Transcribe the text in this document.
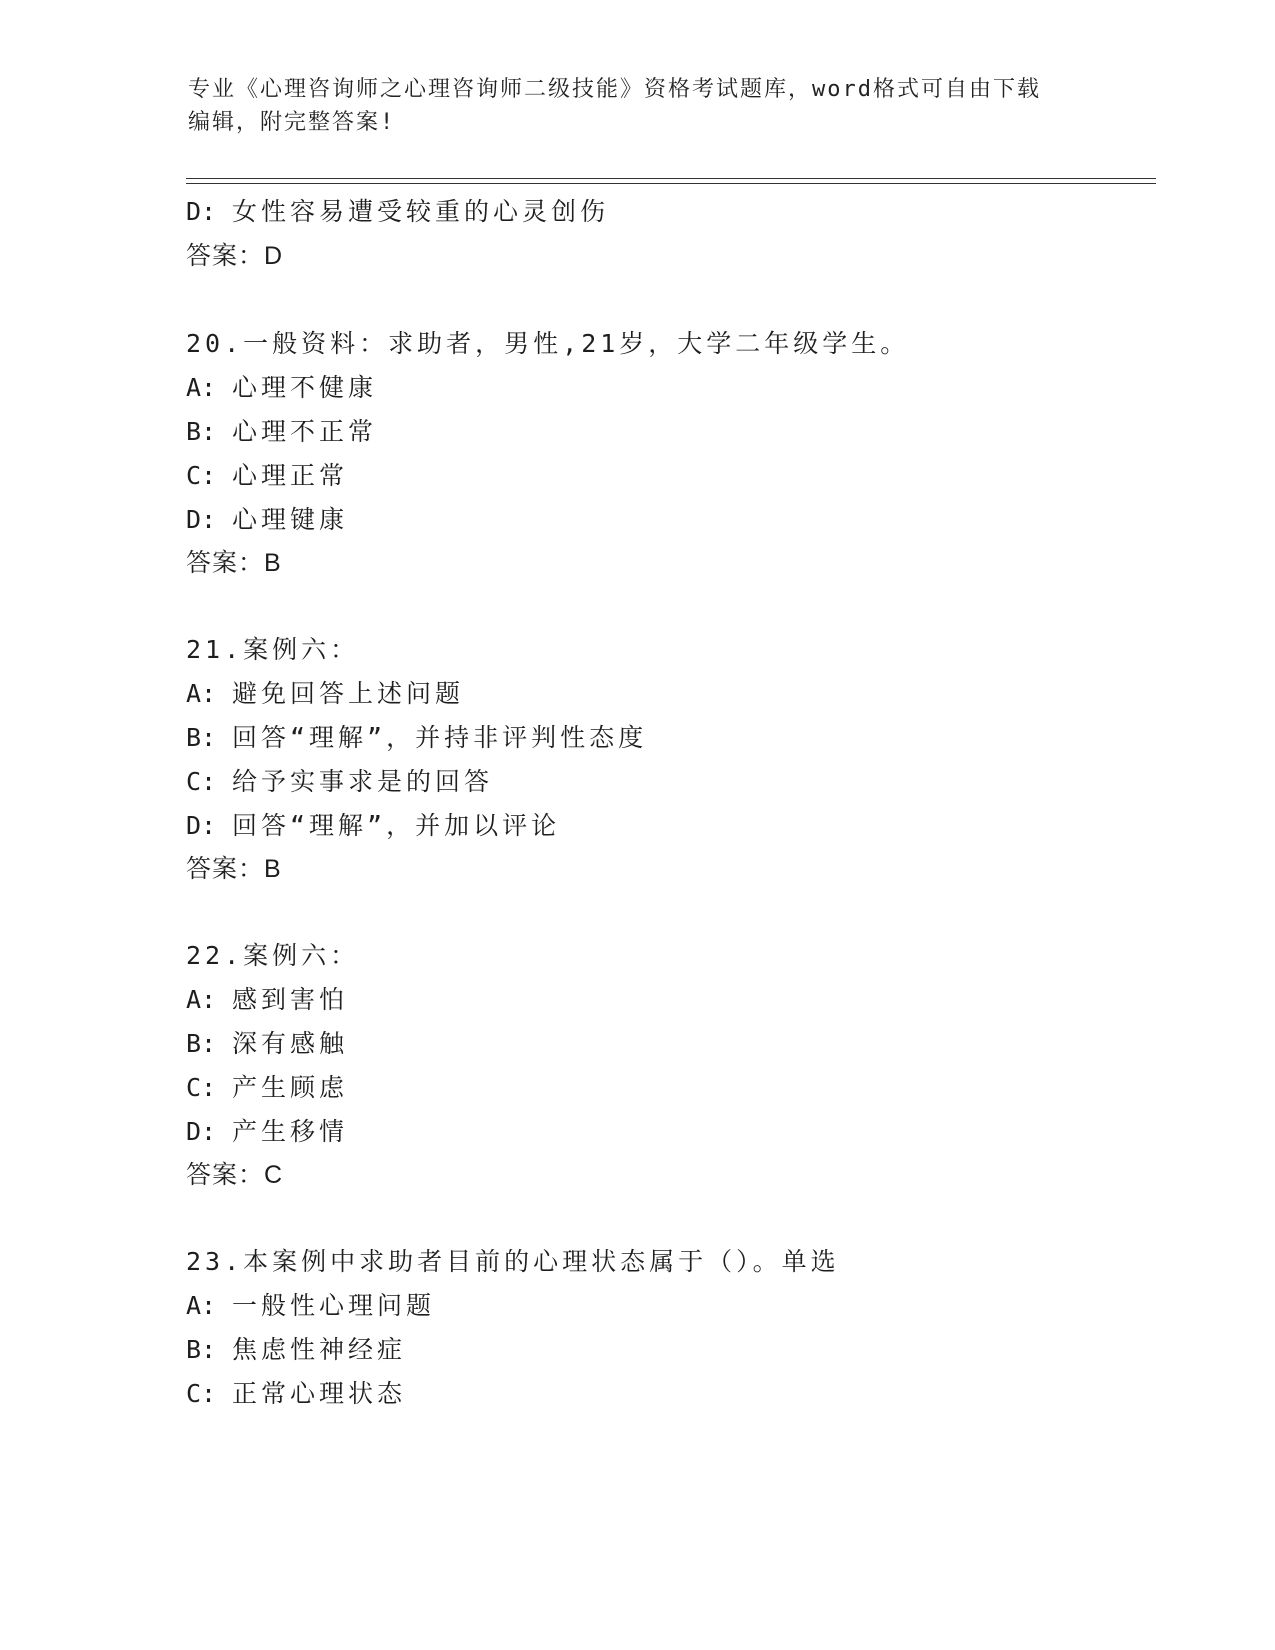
专业《心理咨询师之心理咨询师二级技能》资格考试题库，word格式可自由下载
编辑，附完整答案!
D: 女性容易遭受较重的心灵创伤
答案：D
20.一般资料：求助者，男性,21岁，大学二年级学生。
A: 心理不健康
B: 心理不正常
C: 心理正常
D: 心理键康
答案：B
21.案例六：
A: 避免回答上述问题
B: 回答“理解”，并持非评判性态度
C: 给予实事求是的回答
D: 回答“理解”，并加以评论
答案：B
22.案例六：
A: 感到害怕
B: 深有感触
C: 产生顾虑
D: 产生移情
答案：C
23.本案例中求助者目前的心理状态属于（）。单选
A: 一般性心理问题
B: 焦虑性神经症
C: 正常心理状态
